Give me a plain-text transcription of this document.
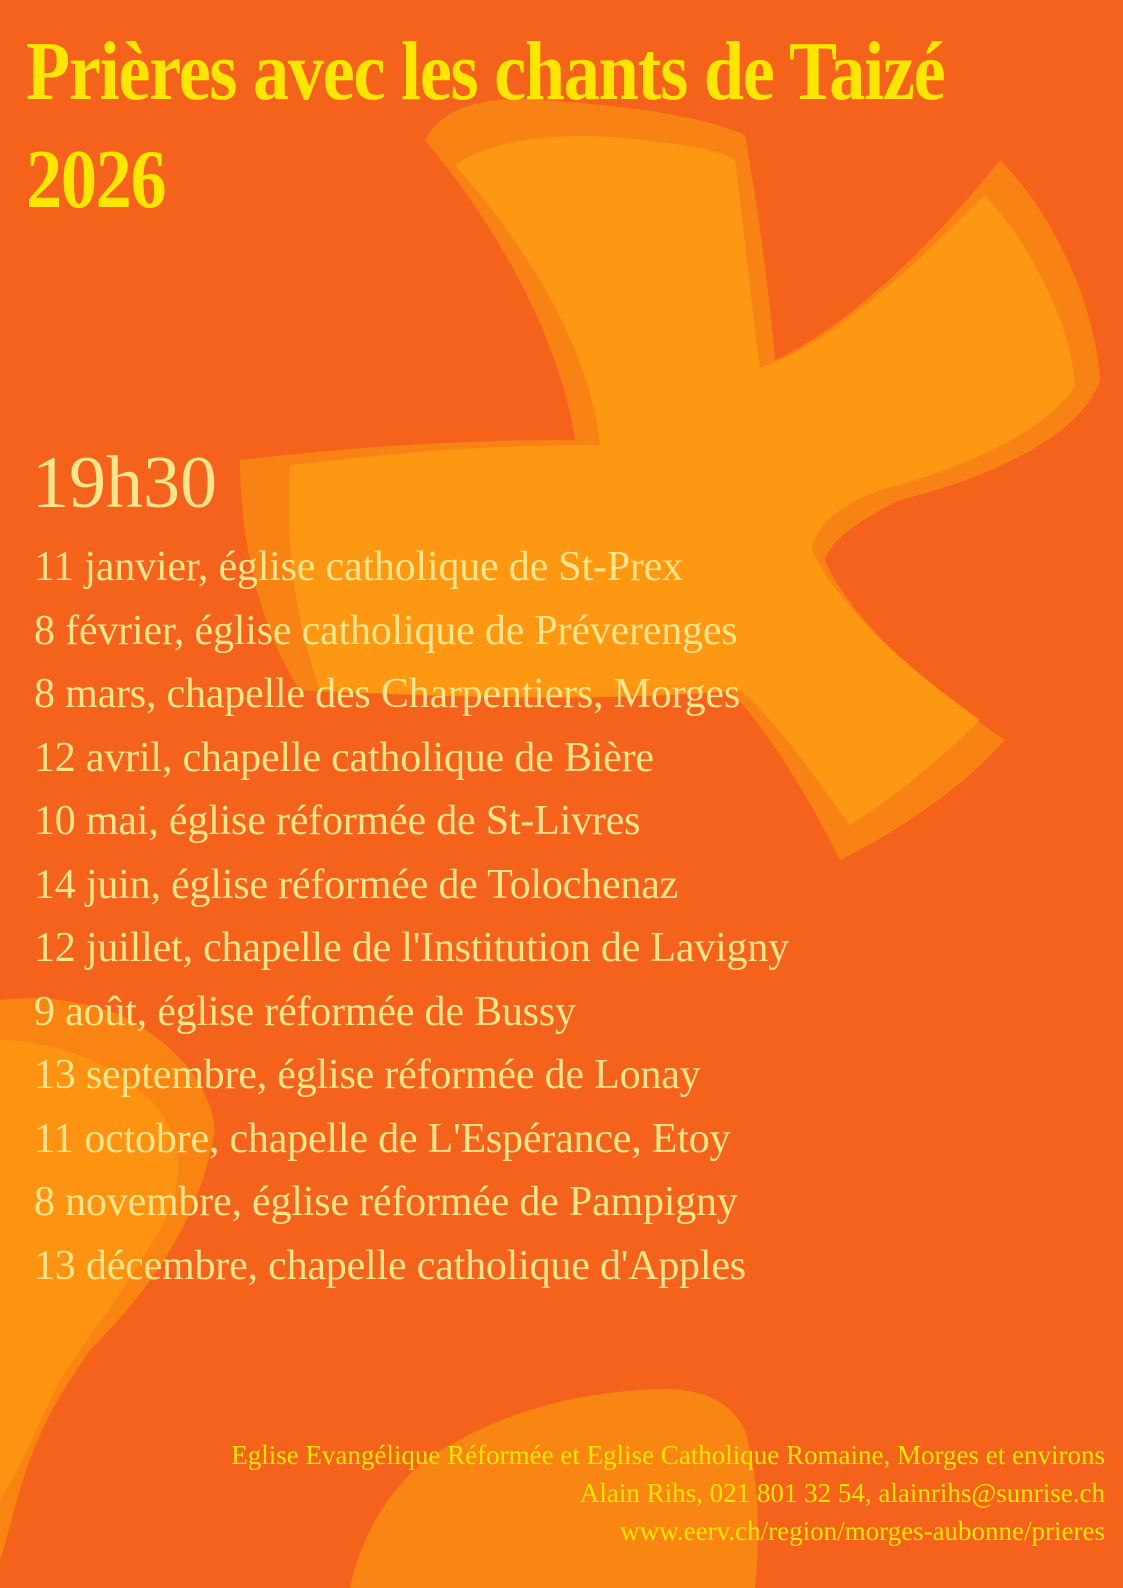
Prières avec les chants de Taizé
2026
19h30
11 janvier, église catholique de St-Prex
8 février, église catholique de Préverenges
8 mars, chapelle des Charpentiers, Morges
12 avril, chapelle catholique de Bière
10 mai, église réformée de St-Livres
14 juin, église réformée de Tolochenaz
12 juillet, chapelle de l'Institution de Lavigny
9 août, église réformée de Bussy
13 septembre, église réformée de Lonay
11 octobre, chapelle de L'Espérance, Etoy
8 novembre, église réformée de Pampigny
13 décembre, chapelle catholique d'Apples
Eglise Evangélique Réformée et Eglise Catholique Romaine, Morges et environs
Alain Rihs, 021 801 32 54, alainrihs@sunrise.ch
www.eerv.ch/region/morges-aubonne/prieres
